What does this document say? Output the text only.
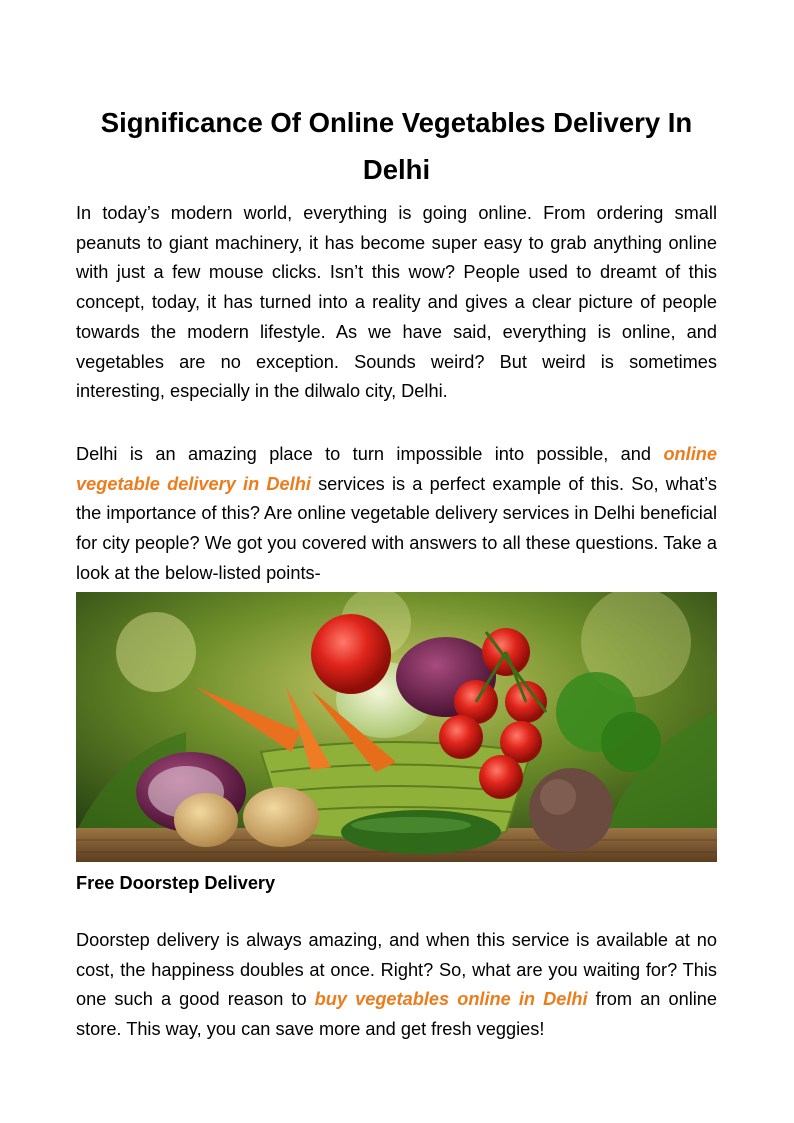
Significance Of Online Vegetables Delivery In Delhi

In today’s modern world, everything is going online. From ordering small peanuts to giant machinery, it has become super easy to grab anything online with just a few mouse clicks. Isn’t this wow? People used to dreamt of this concept, today, it has turned into a reality and gives a clear picture of people towards the modern lifestyle. As we have said, everything is online, and vegetables are no exception. Sounds weird? But weird is sometimes interesting, especially in the dilwalo city, Delhi.

Delhi is an amazing place to turn impossible into possible, and online vegetable delivery in Delhi services is a perfect example of this. So, what’s the importance of this? Are online vegetable delivery services in Delhi beneficial for city people? We got you covered with answers to all these questions. Take a look at the below-listed points-

Free Doorstep Delivery

Doorstep delivery is always amazing, and when this service is available at no cost, the happiness doubles at once. Right? So, what are you waiting for? This one such a good reason to buy vegetables online in Delhi from an online store. This way, you can save more and get fresh veggies!
